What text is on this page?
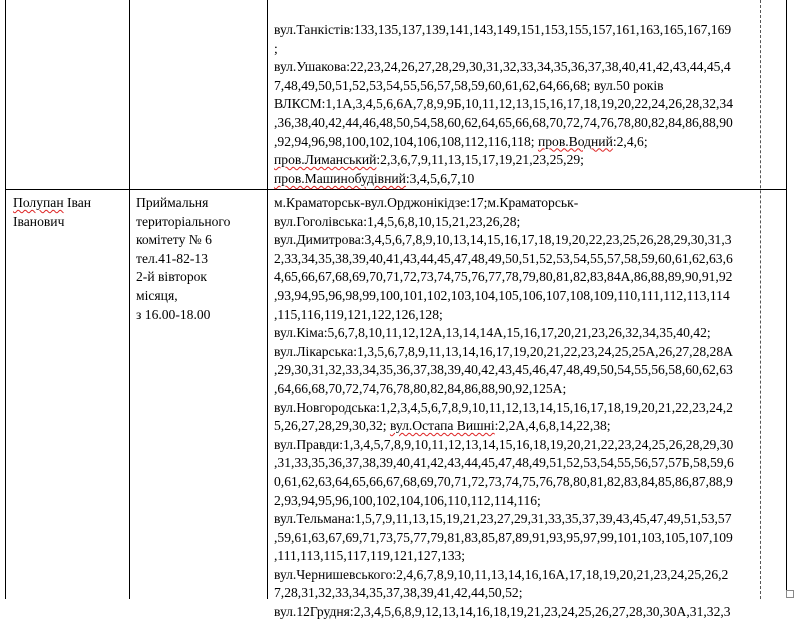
вул.Танкістів:133,135,137,139,141,143,149,151,153,155,157,161,163,165,167,169
;
вул.Ушакова:22,23,24,26,27,28,29,30,31,32,33,34,35,36,37,38,40,41,42,43,44,45,4
7,48,49,50,51,52,53,54,55,56,57,58,59,60,61,62,64,66,68; вул.50 років
ВЛКСМ:1,1А,3,4,5,6,6А,7,8,9,9Б,10,11,12,13,15,16,17,18,19,20,22,24,26,28,32,34
,36,38,40,42,44,46,48,50,54,58,60,62,64,65,66,68,70,72,74,76,78,80,82,84,86,88,90
,92,94,96,98,100,102,104,106,108,112,116,118; пров.Водний:2,4,6;
пров.Лиманський:2,3,6,7,9,11,13,15,17,19,21,23,25,29;
пров.Машинобудівний:3,4,5,6,7,10
Полупан Іван
Іванович
Приймальня
територіального
комітету № 6
тел.41-82-13
2-й вівторок
місяця,
з 16.00-18.00
м.Краматорськ-вул.Орджонікідзе:17;м.Краматорськ-
вул.Гоголівська:1,4,5,6,8,10,15,21,23,26,28;
вул.Димитрова:3,4,5,6,7,8,9,10,13,14,15,16,17,18,19,20,22,23,25,26,28,29,30,31,3
2,33,34,35,38,39,40,41,43,44,45,47,48,49,50,51,52,53,54,55,57,58,59,60,61,62,63,6
4,65,66,67,68,69,70,71,72,73,74,75,76,77,78,79,80,81,82,83,84А,86,88,89,90,91,92
,93,94,95,96,98,99,100,101,102,103,104,105,106,107,108,109,110,111,112,113,114
,115,116,119,121,122,126,128;
вул.Кіма:5,6,7,8,10,11,12,12А,13,14,14А,15,16,17,20,21,23,26,32,34,35,40,42;
вул.Лікарська:1,3,5,6,7,8,9,11,13,14,16,17,19,20,21,22,23,24,25,25А,26,27,28,28А
,29,30,31,32,33,34,35,36,37,38,39,40,42,43,45,46,47,48,49,50,54,55,56,58,60,62,63
,64,66,68,70,72,74,76,78,80,82,84,86,88,90,92,125А;
вул.Новгородська:1,2,3,4,5,6,7,8,9,10,11,12,13,14,15,16,17,18,19,20,21,22,23,24,2
5,26,27,28,29,30,32; вул.Остапа Вишні:2,2А,4,6,8,14,22,38;
вул.Правди:1,3,4,5,7,8,9,10,11,12,13,14,15,16,18,19,20,21,22,23,24,25,26,28,29,30
,31,33,35,36,37,38,39,40,41,42,43,44,45,47,48,49,51,52,53,54,55,56,57,57Б,58,59,6
0,61,62,63,64,65,66,67,68,69,70,71,72,73,74,75,76,78,80,81,82,83,84,85,86,87,88,9
2,93,94,95,96,100,102,104,106,110,112,114,116;
вул.Тельмана:1,5,7,9,11,13,15,19,21,23,27,29,31,33,35,37,39,43,45,47,49,51,53,57
,59,61,63,67,69,71,73,75,77,79,81,83,85,87,89,91,93,95,97,99,101,103,105,107,109
,111,113,115,117,119,121,127,133;
вул.Чернишевського:2,4,6,7,8,9,10,11,13,14,16,16А,17,18,19,20,21,23,24,25,26,2
7,28,31,32,33,34,35,37,38,39,41,42,44,50,52;
вул.12Грудня:2,3,4,5,6,8,9,12,13,14,16,18,19,21,23,24,25,26,27,28,30,30А,31,32,3
